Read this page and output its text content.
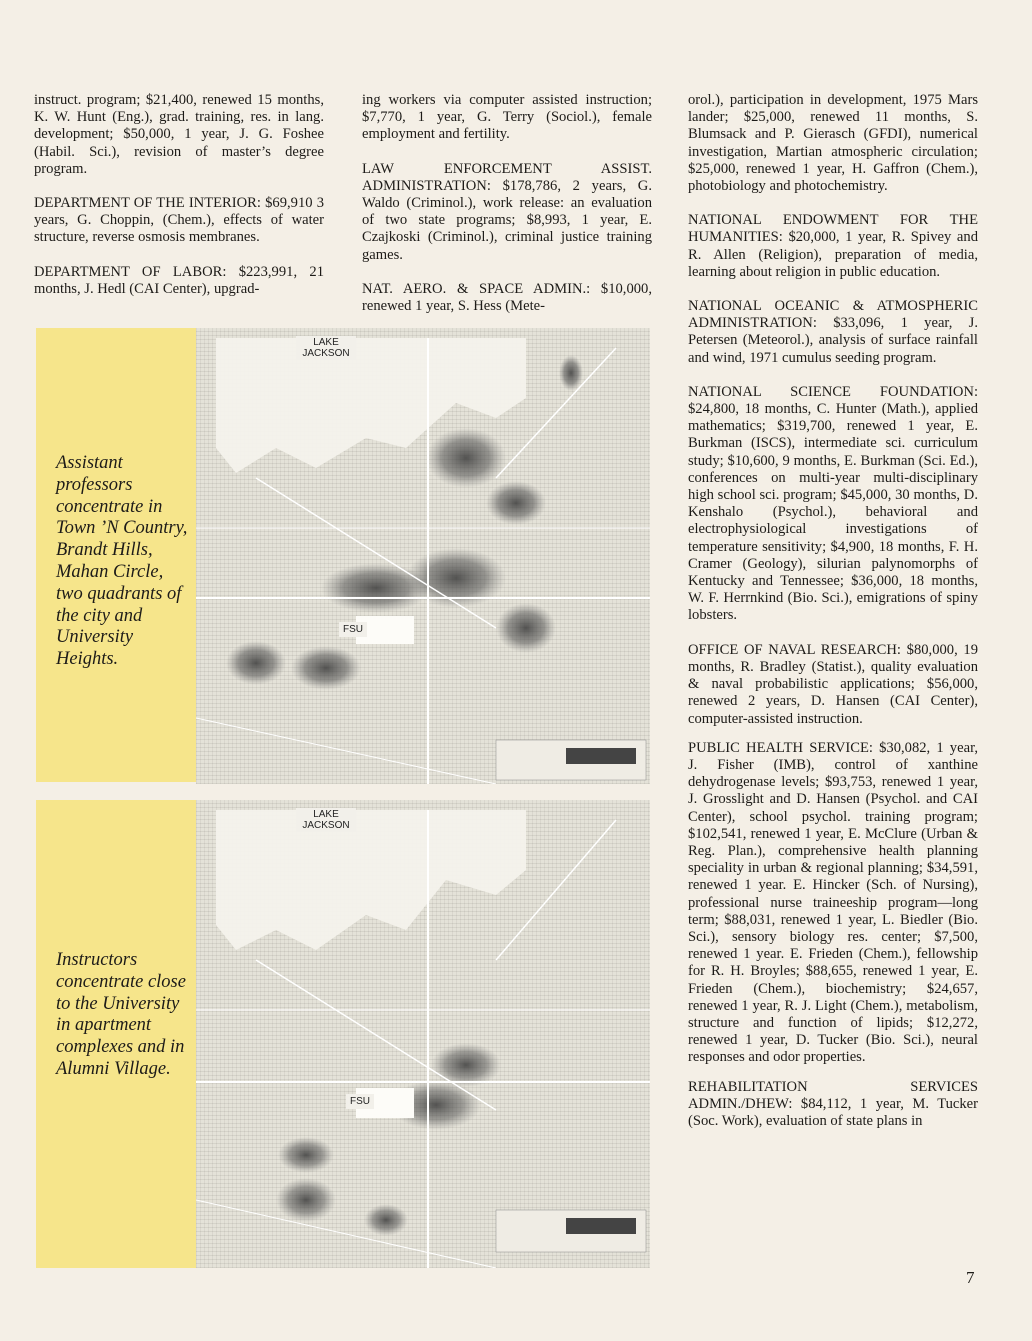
instruct. program; $21,400, renewed 15 months, K. W. Hunt (Eng.), grad. training, res. in lang. development; $50,000, 1 year, J. G. Foshee (Habil. Sci.), revision of master’s degree program.

DEPARTMENT OF THE INTERIOR: $69,910 3 years, G. Choppin, (Chem.), effects of water structure, reverse osmosis membranes.

DEPARTMENT OF LABOR: $223,991, 21 months, J. Hedl (CAI Center), upgrad-

ing workers via computer assisted instruction; $7,770, 1 year, G. Terry (Sociol.), female employment and fertility.

LAW ENFORCEMENT ASSIST. ADMINISTRATION: $178,786, 2 years, G. Waldo (Criminol.), work release: an evaluation of two state programs; $8,993, 1 year, E. Czajkoski (Criminol.), criminal justice training games.

NAT. AERO. & SPACE ADMIN.: $10,000, renewed 1 year, S. Hess (Mete-

orol.), participation in development, 1975 Mars lander; $25,000, renewed 11 months, S. Blumsack and P. Gierasch (GFDI), numerical investigation, Martian atmospheric circulation; $25,000, renewed 1 year, H. Gaffron (Chem.), photobiology and photochemistry.

NATIONAL ENDOWMENT FOR THE HUMANITIES: $20,000, 1 year, R. Spivey and R. Allen (Religion), preparation of media, learning about religion in public education.

NATIONAL OCEANIC & ATMOSPHERIC ADMINISTRATION: $33,096, 1 year, J. Petersen (Meteorol.), analysis of surface rainfall and wind, 1971 cumulus seeding program.

NATIONAL SCIENCE FOUNDATION: $24,800, 18 months, C. Hunter (Math.), applied mathematics; $319,700, renewed 1 year, E. Burkman (ISCS), intermediate sci. curriculum study; $10,600, 9 months, E. Burkman (Sci. Ed.), conferences on multi-year multi-disciplinary high school sci. program; $45,000, 30 months, D. Kenshalo (Psychol.), behavioral and electrophysiological investigations of temperature sensitivity; $4,900, 18 months, F. H. Cramer (Geology), silurian palynomorphs of Kentucky and Tennessee; $36,000, 18 months, W. F. Herrnkind (Bio. Sci.), emigrations of spiny lobsters.

OFFICE OF NAVAL RESEARCH: $80,000, 19 months, R. Bradley (Statist.), quality evaluation & naval probabilistic applications; $56,000, renewed 2 years, D. Hansen (CAI Center), computer-assisted instruction.

PUBLIC HEALTH SERVICE: $30,082, 1 year, J. Fisher (IMB), control of xanthine dehydrogenase levels; $93,753, renewed 1 year, J. Grosslight and D. Hansen (Psychol. and CAI Center), school psychol. training program; $102,541, renewed 1 year, E. McClure (Urban & Reg. Plan.), comprehensive health planning speciality in urban & regional planning; $34,591, renewed 1 year. E. Hincker (Sch. of Nursing), professional nurse traineeship program—long term; $88,031, renewed 1 year, L. Biedler (Bio. Sci.), sensory biology res. center; $7,500, renewed 1 year. E. Frieden (Chem.), fellowship for R. H. Broyles; $88,655, renewed 1 year, E. Frieden (Chem.), biochemistry; $24,657, renewed 1 year, R. J. Light (Chem.), metabolism, structure and function of lipids; $12,272, renewed 1 year, D. Tucker (Bio. Sci.), neural responses and odor properties.

REHABILITATION SERVICES ADMIN./DHEW: $84,112, 1 year, M. Tucker (Soc. Work), evaluation of state plans in

Assistant professors concentrate in Town ’N Country, Brandt Hills, Mahan Circle, two quadrants of the city and University Heights.
LAKE JACKSON
FSU
Instructors concentrate close to the University in apartment complexes and in Alumni Village.
LAKE JACKSON
FSU
7
